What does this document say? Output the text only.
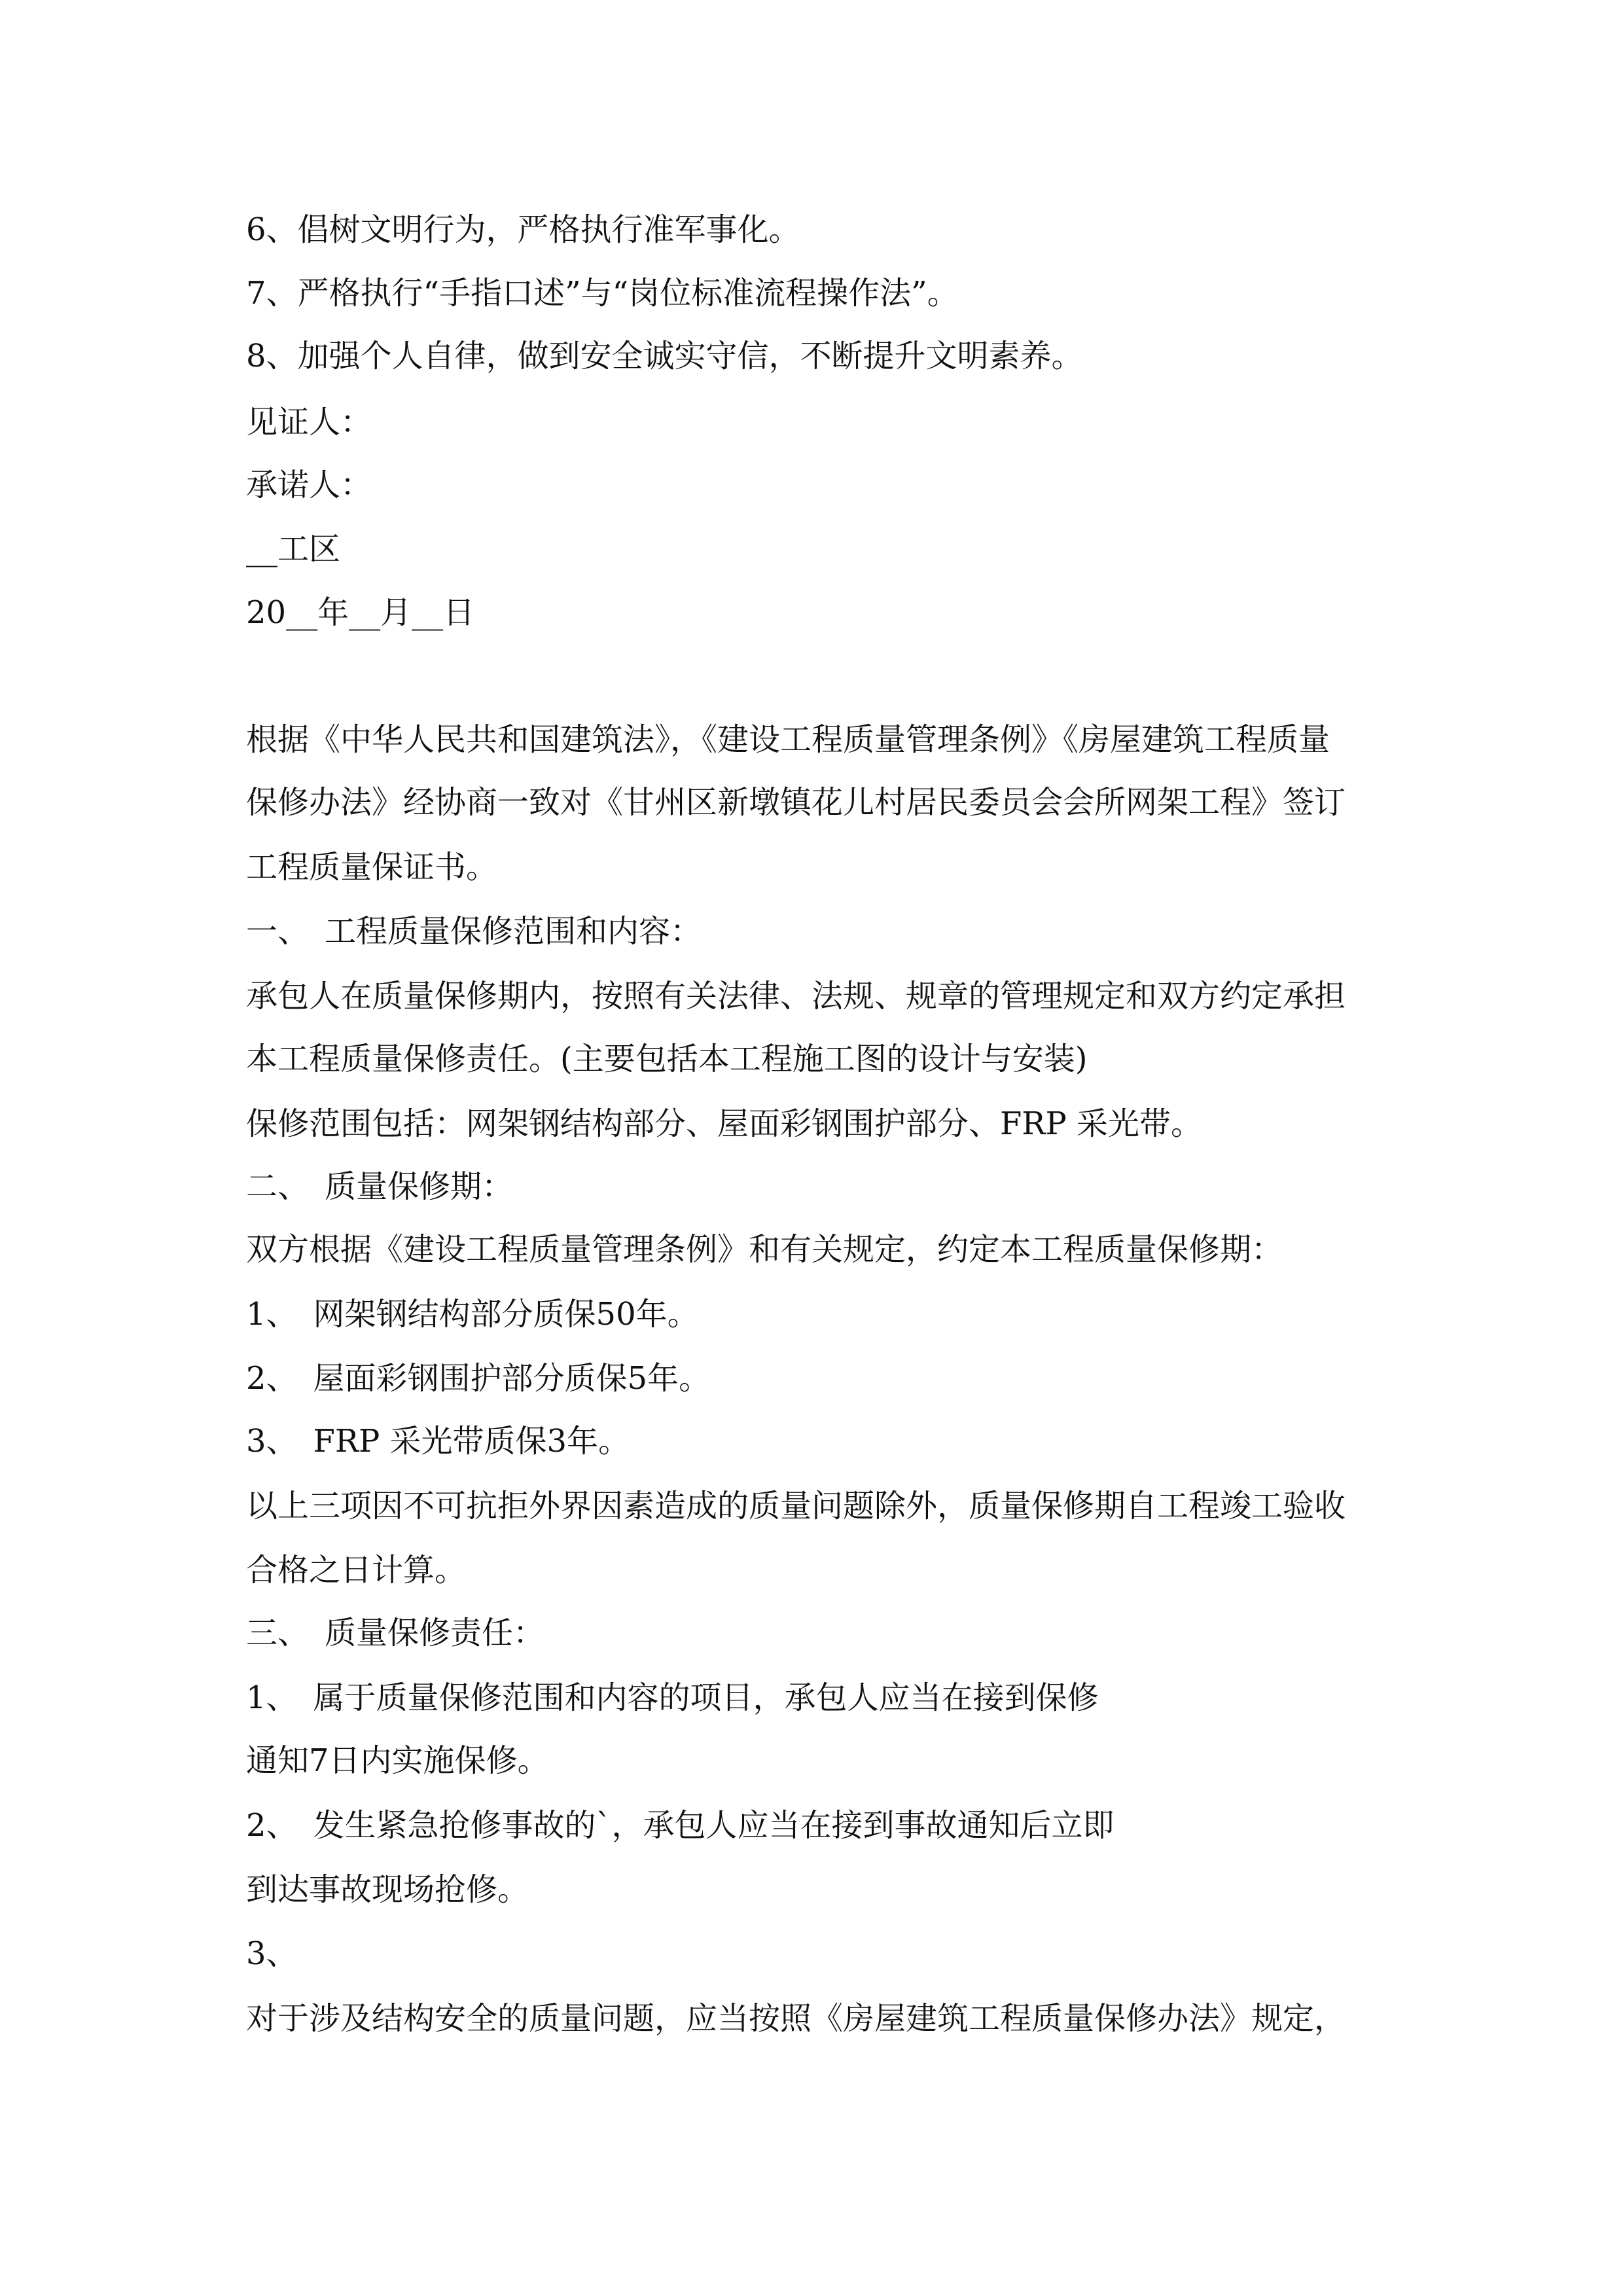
6、倡树文明行为，严格执行准军事化。
7、严格执行“手指口述”与“岗位标准流程操作法”。
8、加强个人自律，做到安全诚实守信，不断提升文明素养。
见证人：
承诺人：
__工区
20__年__月__日
根据《中华人民共和国建筑法》，《建设工程质量管理条例》《房屋建筑工程质量
保修办法》经协商一致对《甘州区新墩镇花儿村居民委员会会所网架工程》签订
工程质量保证书。
一、　工程质量保修范围和内容：
承包人在质量保修期内，按照有关法律、法规、规章的管理规定和双方约定承担
本工程质量保修责任。(主要包括本工程施工图的设计与安装)
保修范围包括：网架钢结构部分、屋面彩钢围护部分、FRP 采光带。
二、　质量保修期：
双方根据《建设工程质量管理条例》和有关规定，约定本工程质量保修期：
1、　网架钢结构部分质保50年。
2、　屋面彩钢围护部分质保5年。
3、　FRP 采光带质保3年。
以上三项因不可抗拒外界因素造成的质量问题除外，质量保修期自工程竣工验收
合格之日计算。
三、　质量保修责任：
1、　属于质量保修范围和内容的项目，承包人应当在接到保修
通知7日内实施保修。
2、　发生紧急抢修事故的`，承包人应当在接到事故通知后立即
到达事故现场抢修。
3、
对于涉及结构安全的质量问题，应当按照《房屋建筑工程质量保修办法》规定，
